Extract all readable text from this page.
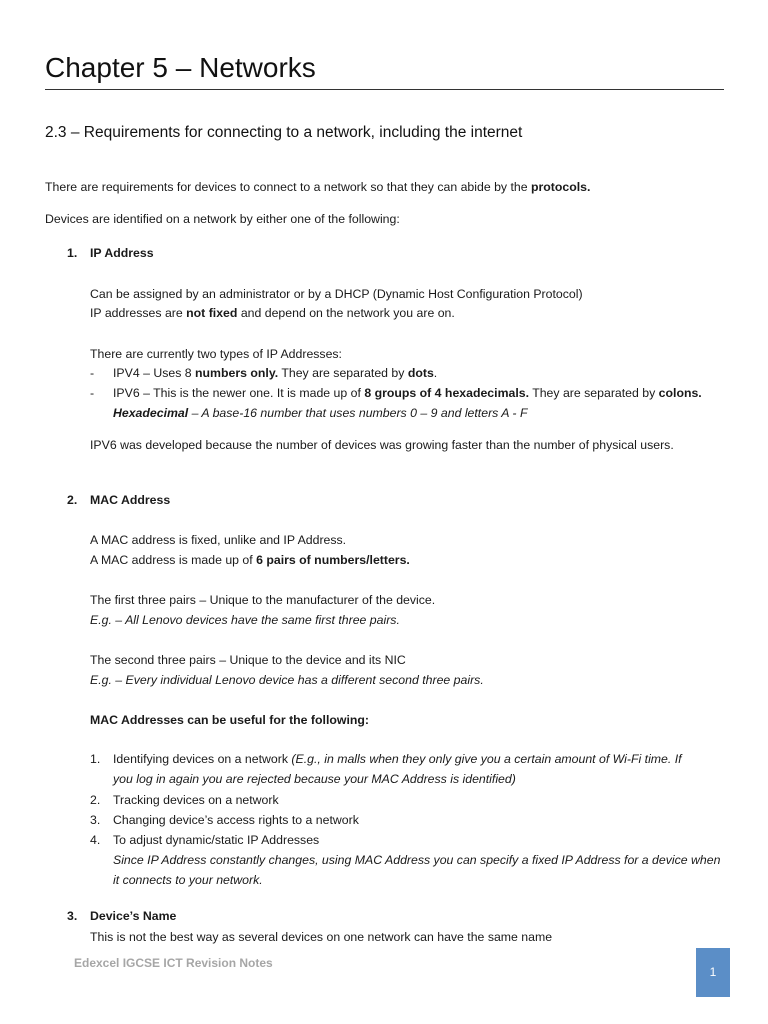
Chapter 5 – Networks
2.3 – Requirements for connecting to a network, including the internet
There are requirements for devices to connect to a network so that they can abide by the protocols.
Devices are identified on a network by either one of the following:
1. IP Address
Can be assigned by an administrator or by a DHCP (Dynamic Host Configuration Protocol)
IP addresses are not fixed and depend on the network you are on.
There are currently two types of IP Addresses:
- IPV4 – Uses 8 numbers only. They are separated by dots.
- IPV6 – This is the newer one. It is made up of 8 groups of 4 hexadecimals. They are separated by colons.
Hexadecimal – A base-16 number that uses numbers 0 – 9 and letters A - F
IPV6 was developed because the number of devices was growing faster than the number of physical users.
2. MAC Address
A MAC address is fixed, unlike and IP Address.
A MAC address is made up of 6 pairs of numbers/letters.
The first three pairs – Unique to the manufacturer of the device.
E.g. – All Lenovo devices have the same first three pairs.
The second three pairs – Unique to the device and its NIC
E.g. – Every individual Lenovo device has a different second three pairs.
MAC Addresses can be useful for the following:
1. Identifying devices on a network (E.g., in malls when they only give you a certain amount of Wi-Fi time. If
you log in again you are rejected because your MAC Address is identified)
2. Tracking devices on a network
3. Changing device’s access rights to a network
4. To adjust dynamic/static IP Addresses
Since IP Address constantly changes, using MAC Address you can specify a fixed IP Address for a device when
it connects to your network.
3. Device’s Name
This is not the best way as several devices on one network can have the same name
Edexcel IGCSE ICT Revision Notes
1
